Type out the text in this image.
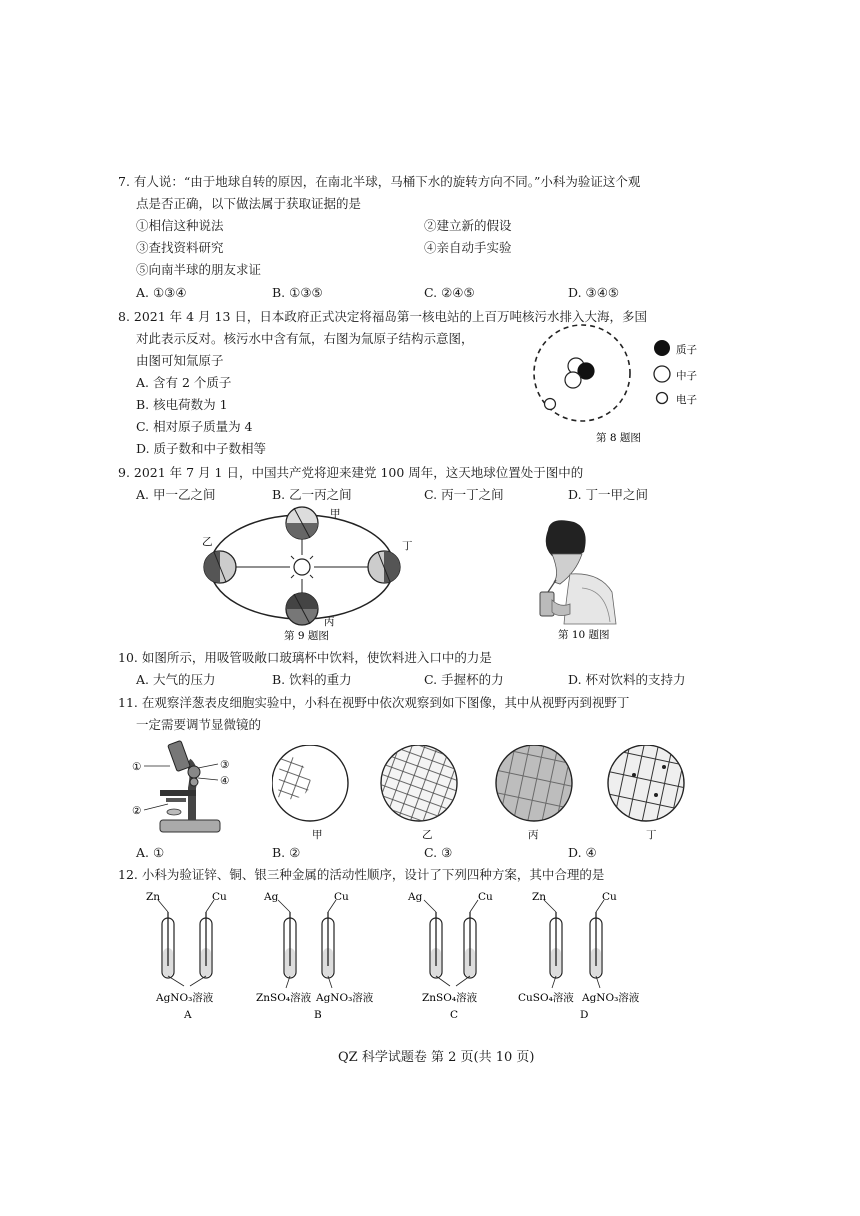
7. 有人说：“由于地球自转的原因，在南北半球，马桶下水的旋转方向不同。”小科为验证这个观
点是否正确，以下做法属于获取证据的是
①相信这种说法	②建立新的假设
③查找资料研究	④亲自动手实验
⑤向南半球的朋友求证
A. ①③④	B. ①③⑤	C. ②④⑤	D. ③④⑤
8. 2021 年 4 月 13 日，日本政府正式决定将福岛第一核电站的上百万吨核污水排入大海，多国
对此表示反对。核污水中含有氚，右图为氚原子结构示意图，
由图可知氚原子
A. 含有 2 个质子
B. 核电荷数为 1
C. 相对原子质量为 4
D. 质子数和中子数相等
质子
中子
电子
第 8 题图
9. 2021 年 7 月 1 日，中国共产党将迎来建党 100 周年，这天地球位置处于图中的
A. 甲一乙之间	B. 乙一丙之间	C. 丙一丁之间	D. 丁一甲之间
甲
乙
丙
丁
第 9 题图	第 10 题图
10. 如图所示，用吸管吸敞口玻璃杯中饮料，使饮料进入口中的力是
A. 大气的压力	B. 饮料的重力	C. 手握杯的力	D. 杯对饮料的支持力
11. 在观察洋葱表皮细胞实验中，小科在视野中依次观察到如下图像，其中从视野丙到视野丁
一定需要调节显微镜的
①
②
③
④
甲	乙	丙	丁
A. ①	B. ②	C. ③	D. ④
12. 小科为验证锌、铜、银三种金属的活动性顺序，设计了下列四种方案，其中合理的是
Zn	Cu
AgNO₃溶液
A
Ag	Cu
ZnSO₄溶液 AgNO₃溶液
B
Ag	Cu
ZnSO₄溶液
C
Zn	Cu
CuSO₄溶液 AgNO₃溶液
D
QZ 科学试题卷 第 2 页(共 10 页)
